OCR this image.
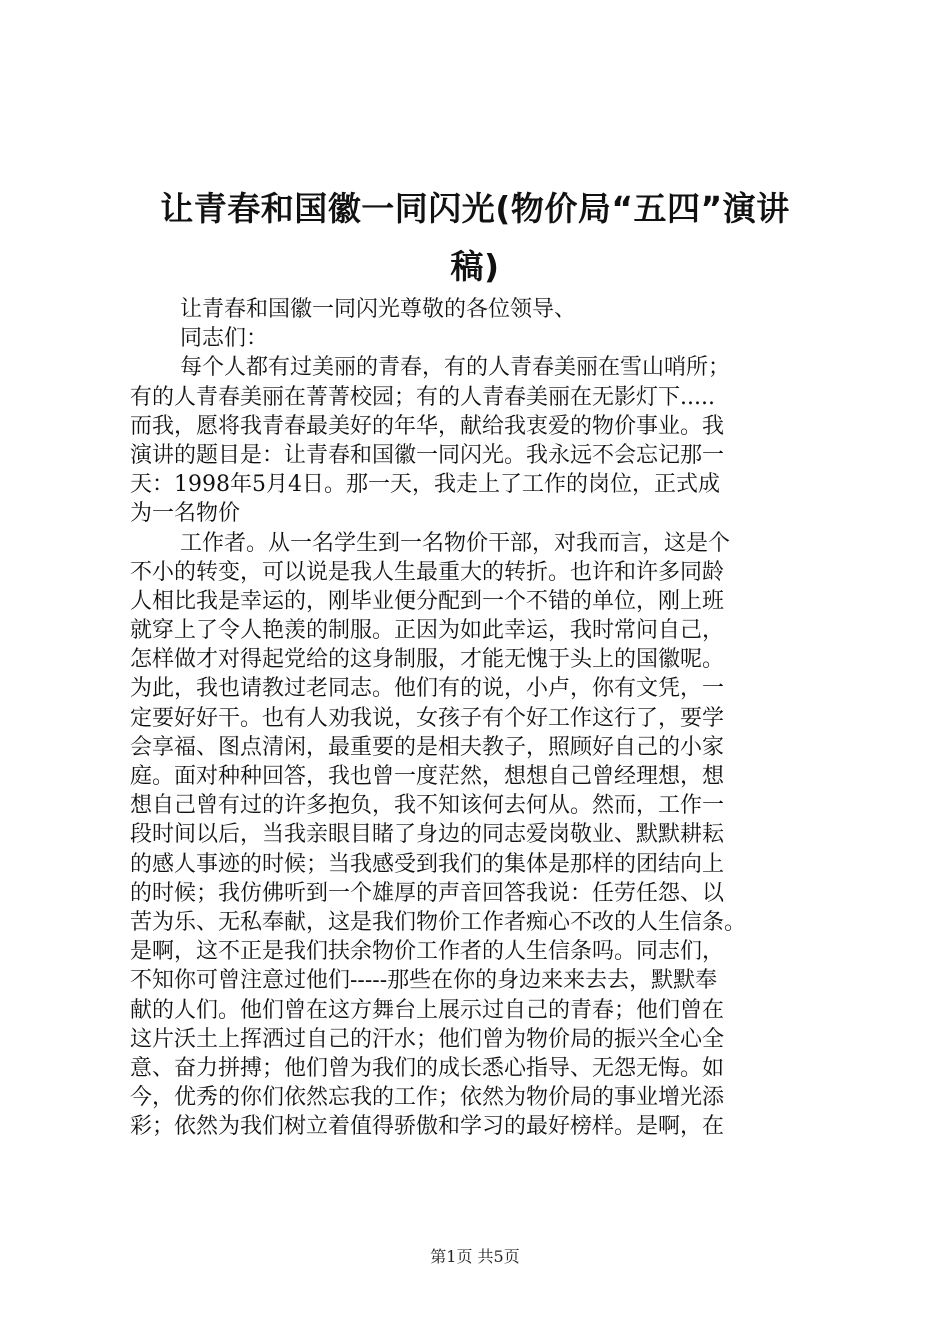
让青春和国徽一同闪光(物价局“五四”演讲
稿)
让青春和国徽一同闪光尊敬的各位领导、
同志们：
每个人都有过美丽的青春，有的人青春美丽在雪山哨所；
有的人青春美丽在菁菁校园；有的人青春美丽在无影灯下.....
而我，愿将我青春最美好的年华，献给我衷爱的物价事业。我
演讲的题目是：让青春和国徽一同闪光。我永远不会忘记那一
天：1998年5月4日。那一天，我走上了工作的岗位，正式成
为一名物价
工作者。从一名学生到一名物价干部，对我而言，这是个
不小的转变，可以说是我人生最重大的转折。也许和许多同龄
人相比我是幸运的，刚毕业便分配到一个不错的单位，刚上班
就穿上了令人艳羡的制服。正因为如此幸运，我时常问自己，
怎样做才对得起党给的这身制服，才能无愧于头上的国徽呢。
为此，我也请教过老同志。他们有的说，小卢，你有文凭，一
定要好好干。也有人劝我说，女孩子有个好工作这行了，要学
会享福、图点清闲，最重要的是相夫教子，照顾好自己的小家
庭。面对种种回答，我也曾一度茫然，想想自己曾经理想，想
想自己曾有过的许多抱负，我不知该何去何从。然而，工作一
段时间以后，当我亲眼目睹了身边的同志爱岗敬业、默默耕耘
的感人事迹的时候；当我感受到我们的集体是那样的团结向上
的时候；我仿佛听到一个雄厚的声音回答我说：任劳任怨、以
苦为乐、无私奉献，这是我们物价工作者痴心不改的人生信条。
是啊，这不正是我们扶余物价工作者的人生信条吗。同志们，
不知你可曾注意过他们-----那些在你的身边来来去去，默默奉
献的人们。他们曾在这方舞台上展示过自己的青春；他们曾在
这片沃土上挥洒过自己的汗水；他们曾为物价局的振兴全心全
意、奋力拼搏；他们曾为我们的成长悉心指导、无怨无悔。如
今，优秀的你们依然忘我的工作；依然为物价局的事业增光添
彩；依然为我们树立着值得骄傲和学习的最好榜样。是啊，在
第1页 共5页
